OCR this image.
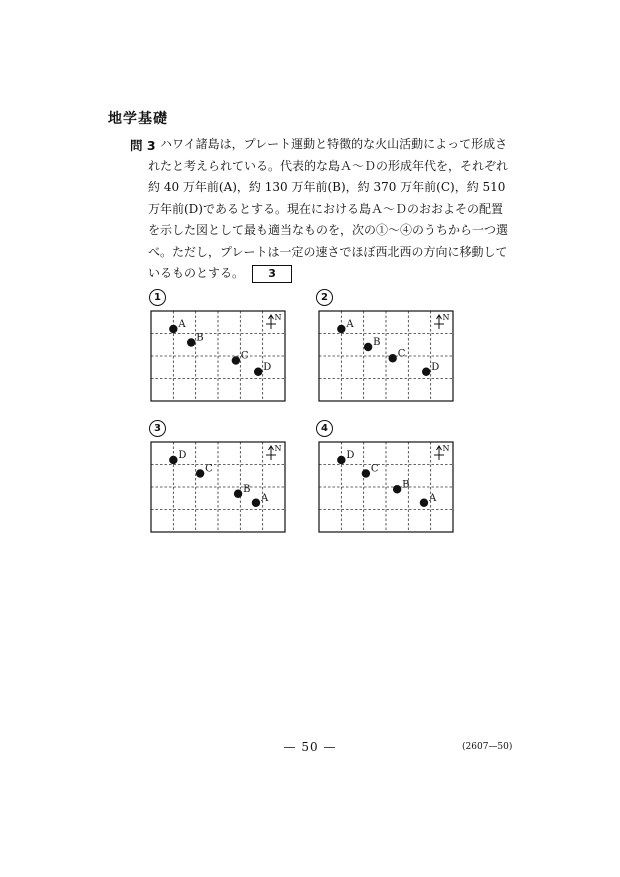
地学基礎
問 3 ハワイ諸島は，プレート運動と特徴的な火山活動によって形成されたと考えられている。代表的な島Ａ～Ｄの形成年代を，それぞれ約 40 万年前(A)，約 130 万年前(B)，約 370 万年前(C)，約 510 万年前(D)であるとする。現在における島Ａ～Ｄのおおよその配置を示した図として最も適当なものを，次の①～④のうちから一つ選べ。ただし，プレートは一定の速さでほぼ西北西の方向に移動しているものとする。 3
1
N
A
B
C
D
2
N
A
B
C
D
3
N
D
C
B
A
4
N
D
C
B
A
— 50 —	(2607—50)
